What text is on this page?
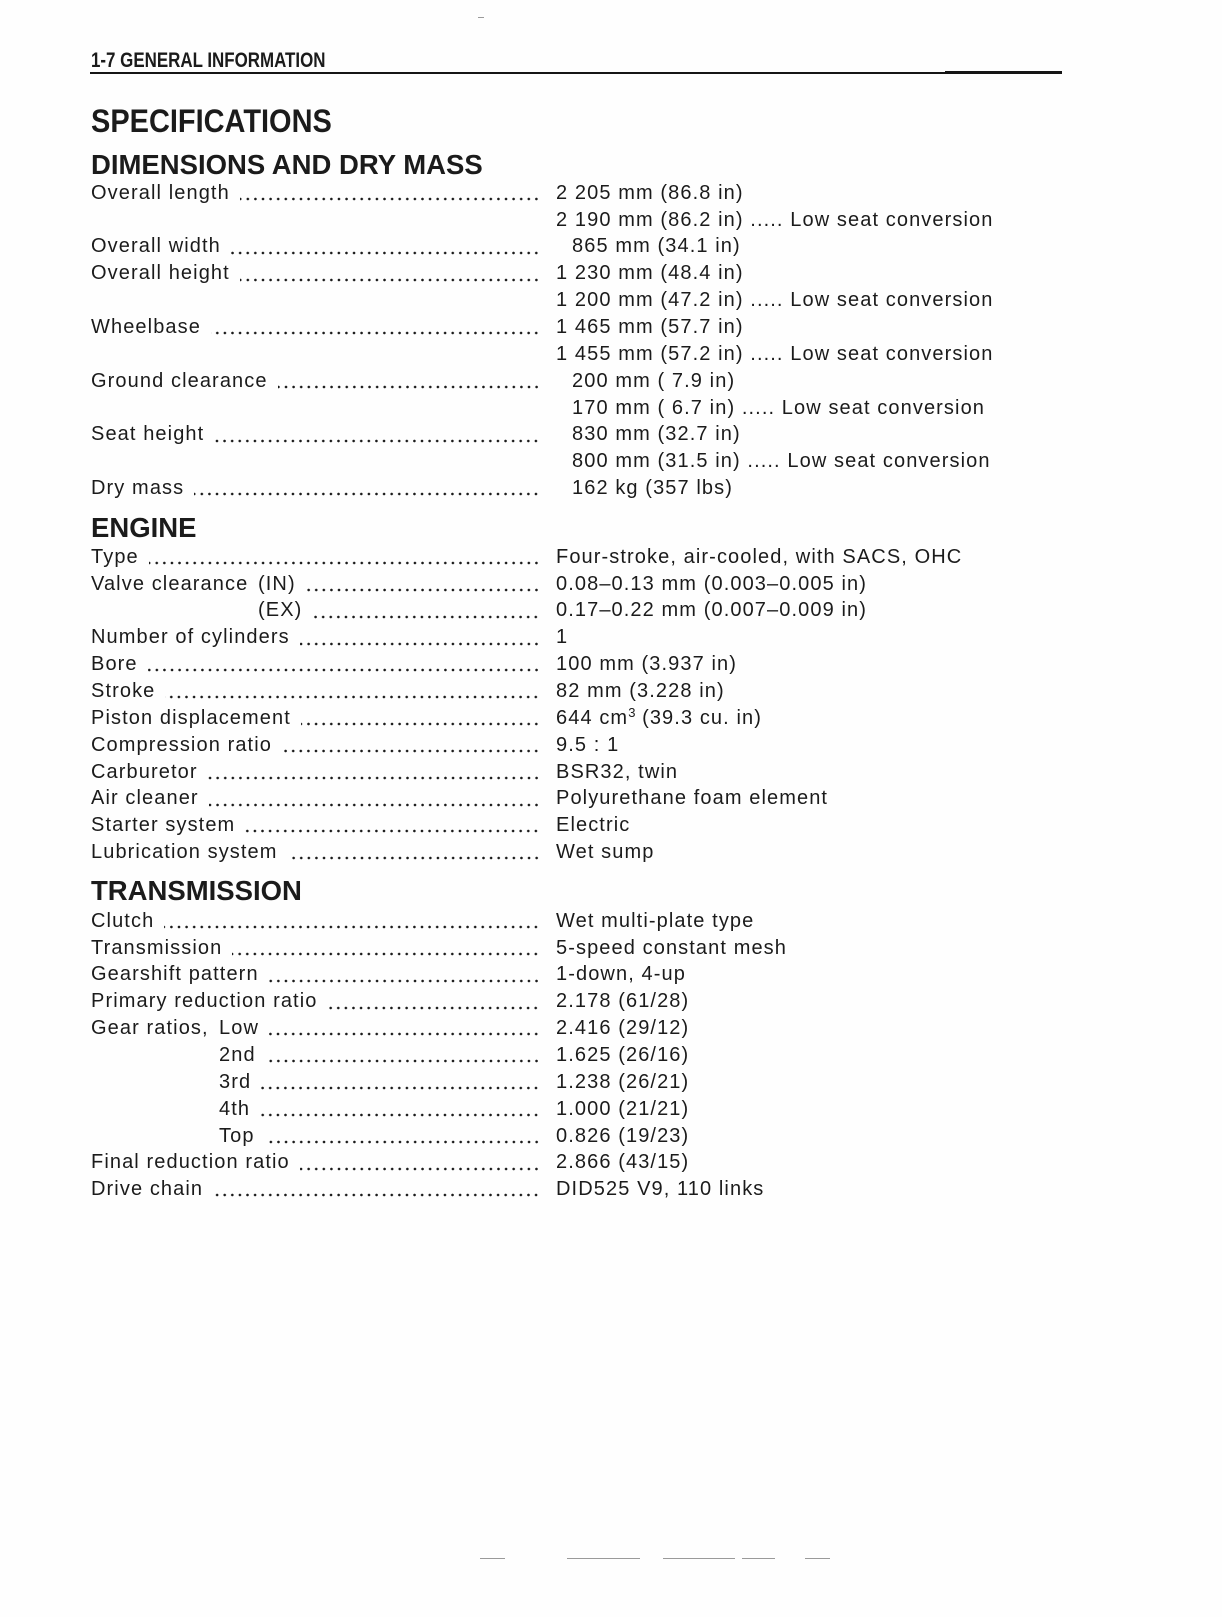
1-7 GENERAL INFORMATION
SPECIFICATIONS
DIMENSIONS AND DRY MASS
Overall length	2 205 mm (86.8 in)
2 190 mm (86.2 in) ..... Low seat conversion
Overall width	865 mm (34.1 in)
Overall height	1 230 mm (48.4 in)
1 200 mm (47.2 in) ..... Low seat conversion
Wheelbase	1 465 mm (57.7 in)
1 455 mm (57.2 in) ..... Low seat conversion
Ground clearance	200 mm ( 7.9 in)
170 mm ( 6.7 in) ..... Low seat conversion
Seat height	830 mm (32.7 in)
800 mm (31.5 in) ..... Low seat conversion
Dry mass	162 kg (357 lbs)
ENGINE
Type	Four-stroke, air-cooled, with SACS, OHC
Valve clearance (IN)	0.08–0.13 mm (0.003–0.005 in)
(EX)	0.17–0.22 mm (0.007–0.009 in)
Number of cylinders	1
Bore	100 mm (3.937 in)
Stroke	82 mm (3.228 in)
Piston displacement	644 $cm^3$ (39.3 cu. in)
Compression ratio	9.5 : 1
Carburetor	BSR32, twin
Air cleaner	Polyurethane foam element
Starter system	Electric
Lubrication system	Wet sump
TRANSMISSION
Clutch	Wet multi-plate type
Transmission	5-speed constant mesh
Gearshift pattern	1-down, 4-up
Primary reduction ratio	2.178 (61/28)
Gear ratios, Low	2.416 (29/12)
2nd	1.625 (26/16)
3rd	1.238 (26/21)
4th	1.000 (21/21)
Top	0.826 (19/23)
Final reduction ratio	2.866 (43/15)
Drive chain	DID525 V9, 110 links
